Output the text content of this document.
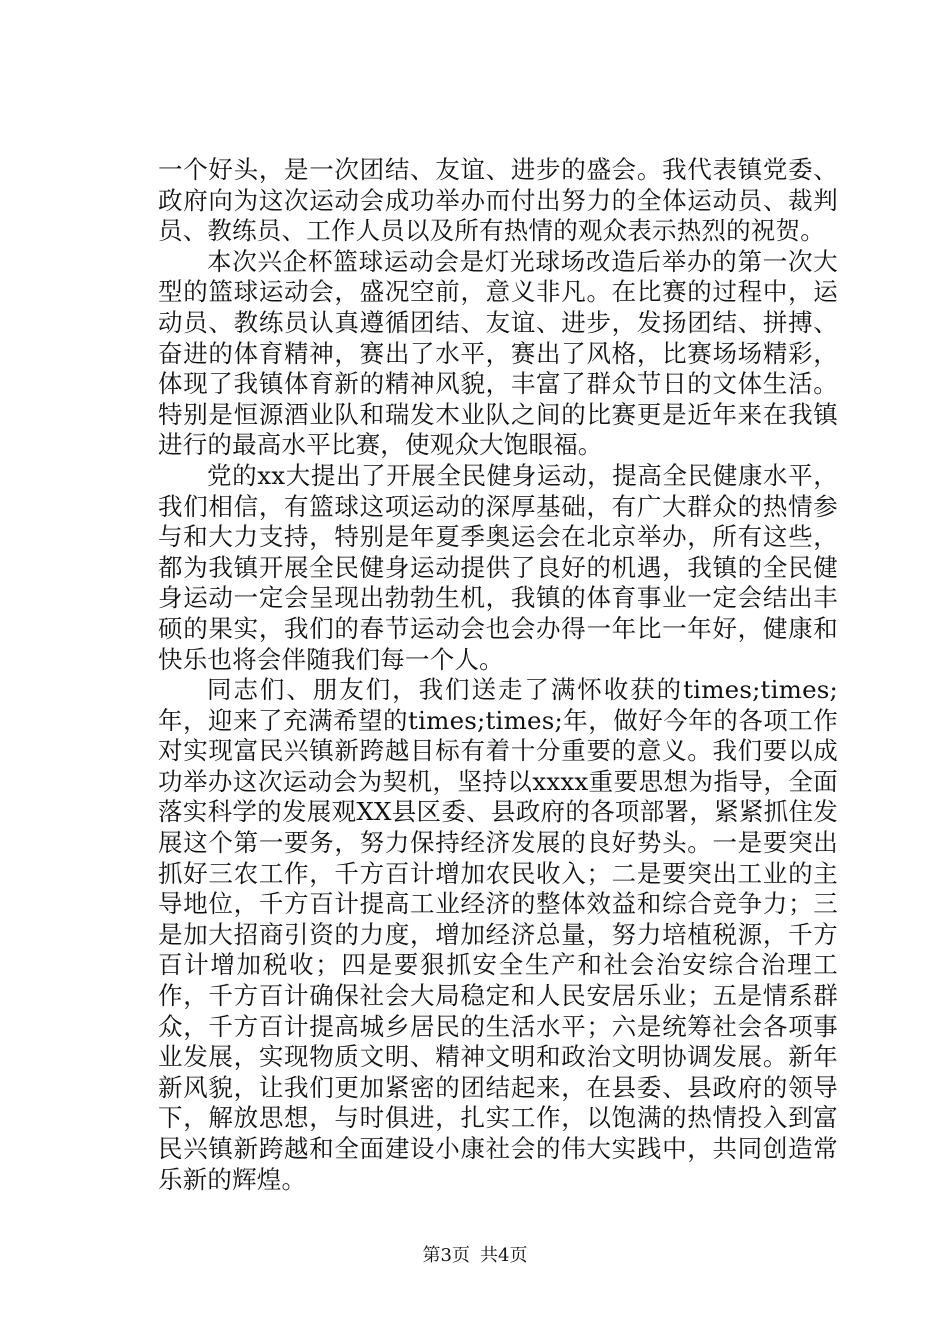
一个好头，是一次团结、友谊、进步的盛会。我代表镇党委、政府向为这次运动会成功举办而付出努力的全体运动员、裁判员、教练员、工作人员以及所有热情的观众表示热烈的祝贺。

本次兴企杯篮球运动会是灯光球场改造后举办的第一次大型的篮球运动会，盛况空前，意义非凡。在比赛的过程中，运动员、教练员认真遵循团结、友谊、进步，发扬团结、拼搏、奋进的体育精神，赛出了水平，赛出了风格，比赛场场精彩，体现了我镇体育新的精神风貌，丰富了群众节日的文体生活。特别是恒源酒业队和瑞发木业队之间的比赛更是近年来在我镇进行的最高水平比赛，使观众大饱眼福。

党的xx大提出了开展全民健身运动，提高全民健康水平，我们相信，有篮球这项运动的深厚基础，有广大群众的热情参与和大力支持，特别是年夏季奥运会在北京举办，所有这些，都为我镇开展全民健身运动提供了良好的机遇，我镇的全民健身运动一定会呈现出勃勃生机，我镇的体育事业一定会结出丰硕的果实，我们的春节运动会也会办得一年比一年好，健康和快乐也将会伴随我们每一个人。

同志们、朋友们，我们送走了满怀收获的times;times;年，迎来了充满希望的times;times;年，做好今年的各项工作对实现富民兴镇新跨越目标有着十分重要的意义。我们要以成功举办这次运动会为契机，坚持以xxxx重要思想为指导，全面落实科学的发展观XX县区委、县政府的各项部署，紧紧抓住发展这个第一要务，努力保持经济发展的良好势头。一是要突出抓好三农工作，千方百计增加农民收入；二是要突出工业的主导地位，千方百计提高工业经济的整体效益和综合竞争力；三是加大招商引资的力度，增加经济总量，努力培植税源，千方百计增加税收；四是要狠抓安全生产和社会治安综合治理工作，千方百计确保社会大局稳定和人民安居乐业；五是情系群众，千方百计提高城乡居民的生活水平；六是统筹社会各项事业发展，实现物质文明、精神文明和政治文明协调发展。新年新风貌，让我们更加紧密的团结起来，在县委、县政府的领导下，解放思想，与时俱进，扎实工作，以饱满的热情投入到富民兴镇新跨越和全面建设小康社会的伟大实践中，共同创造常乐新的辉煌。

第3页 共4页
